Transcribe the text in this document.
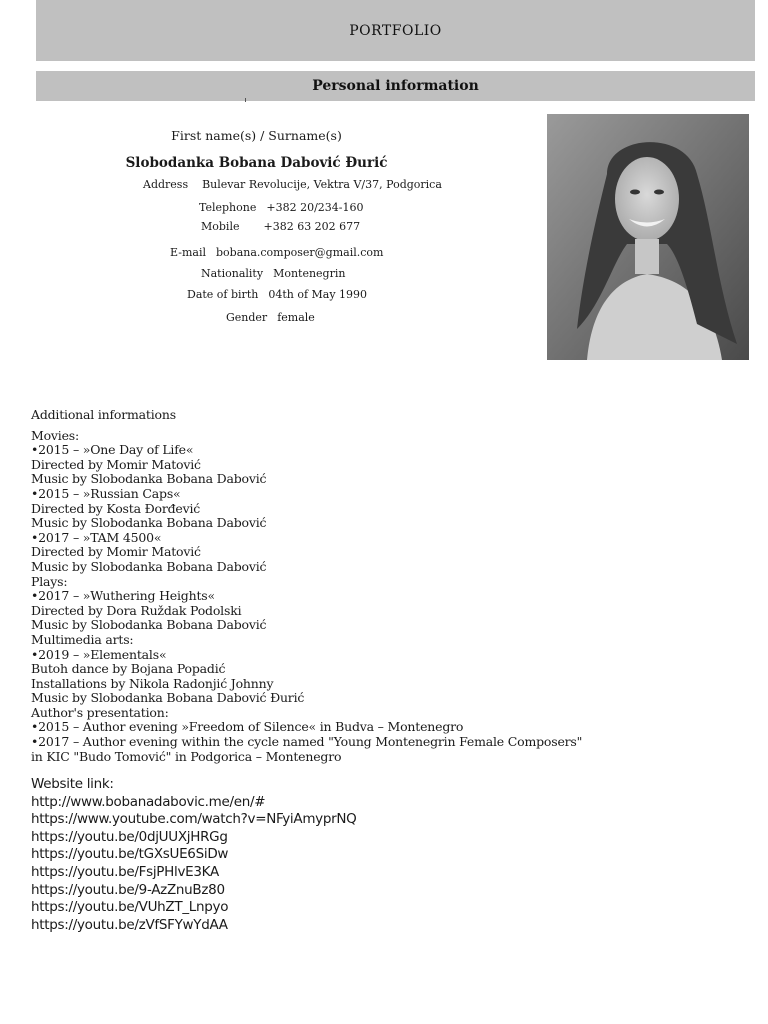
PORTFOLIO
Personal information
First name(s) / Surname(s)
Slobodanka Bobana Dabović Đurić
Address Bulevar Revolucije, Vektra V/37, Podgorica
Telephone +382 20/234-160
Mobile +382 63 202 677
E-mail bobana.composer@gmail.com
Nationality Montenegrin
Date of birth 04th of May 1990
Gender female
Additional informations
Movies:
•2015 – »One Day of Life«
Directed by Momir Matović
Music by Slobodanka Bobana Dabović
•2015 – »Russian Caps«
Directed by Kosta Đorđević
Music by Slobodanka Bobana Dabović
•2017 – »TAM 4500«
Directed by Momir Matović
Music by Slobodanka Bobana Dabović
Plays:
•2017 – »Wuthering Heights«
Directed by Dora Ruždak Podolski
Music by Slobodanka Bobana Dabović
Multimedia arts:
•2019 – »Elementals«
Butoh dance by Bojana Popadić
Installations by Nikola Radonjić Johnny
Music by Slobodanka Bobana Dabović Đurić
Author's presentation:
•2015 – Author evening »Freedom of Silence« in Budva – Montenegro
•2017 – Author evening within the cycle named "Young Montenegrin Female Composers"
in KIC "Budo Tomović" in Podgorica – Montenegro
Website link:
http://www.bobanadabovic.me/en/#
https://www.youtube.com/watch?v=NFyiAmyprNQ
https://youtu.be/0djUUXjHRGg
https://youtu.be/tGXsUE6SiDw
https://youtu.be/FsjPHlvE3KA
https://youtu.be/9-AzZnuBz80
https://youtu.be/VUhZT_Lnpyo
https://youtu.be/zVfSFYwYdAA
